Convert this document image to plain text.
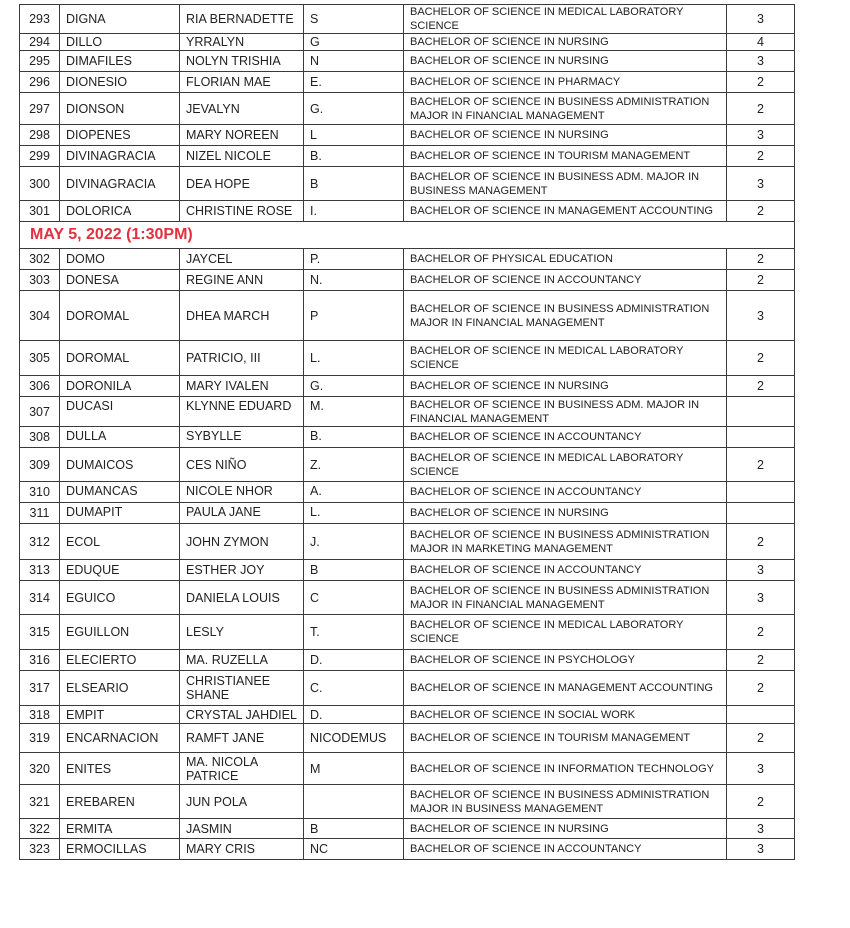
293	DIGNA	RIA BERNADETTE	S	BACHELOR OF SCIENCE IN MEDICAL LABORATORY SCIENCE	3
294	DILLO	YRRALYN	G	BACHELOR OF SCIENCE IN NURSING	4
295	DIMAFILES	NOLYN TRISHIA	N	BACHELOR OF SCIENCE IN NURSING	3
296	DIONESIO	FLORIAN MAE	E.	BACHELOR OF SCIENCE IN PHARMACY	2
297	DIONSON	JEVALYN	G.	BACHELOR OF SCIENCE IN BUSINESS ADMINISTRATION MAJOR IN FINANCIAL MANAGEMENT	2
298	DIOPENES	MARY NOREEN	L	BACHELOR OF SCIENCE IN NURSING	3
299	DIVINAGRACIA	NIZEL NICOLE	B.	BACHELOR OF SCIENCE IN TOURISM MANAGEMENT	2
300	DIVINAGRACIA	DEA HOPE	B	BACHELOR OF SCIENCE IN BUSINESS ADM. MAJOR IN BUSINESS MANAGEMENT	3
301	DOLORICA	CHRISTINE ROSE	I.	BACHELOR OF SCIENCE IN MANAGEMENT ACCOUNTING	2
MAY 5, 2022 (1:30PM)					
302	DOMO	JAYCEL	P.	BACHELOR OF PHYSICAL EDUCATION	2
303	DONESA	REGINE ANN	N.	BACHELOR OF SCIENCE IN ACCOUNTANCY	2
304	DOROMAL	DHEA MARCH	P	BACHELOR OF SCIENCE IN BUSINESS ADMINISTRATION MAJOR IN FINANCIAL MANAGEMENT	3
305	DOROMAL	PATRICIO, III	L.	BACHELOR OF SCIENCE IN MEDICAL LABORATORY SCIENCE	2
306	DORONILA	MARY IVALEN	G.	BACHELOR OF SCIENCE IN NURSING	2
307	DUCASI	KLYNNE EDUARD	M.	BACHELOR OF SCIENCE IN BUSINESS ADM. MAJOR IN FINANCIAL MANAGEMENT	
308	DULLA	SYBYLLE	B.	BACHELOR OF SCIENCE IN ACCOUNTANCY	
309	DUMAICOS	CES NIÑO	Z.	BACHELOR OF SCIENCE IN MEDICAL LABORATORY SCIENCE	2
310	DUMANCAS	NICOLE NHOR	A.	BACHELOR OF SCIENCE IN ACCOUNTANCY	
311	DUMAPIT	PAULA JANE	L.	BACHELOR OF SCIENCE IN NURSING	
312	ECOL	JOHN ZYMON	J.	BACHELOR OF SCIENCE IN BUSINESS ADMINISTRATION MAJOR IN MARKETING MANAGEMENT	2
313	EDUQUE	ESTHER JOY	B	BACHELOR OF SCIENCE IN ACCOUNTANCY	3
314	EGUICO	DANIELA LOUIS	C	BACHELOR OF SCIENCE IN BUSINESS ADMINISTRATION MAJOR IN FINANCIAL MANAGEMENT	3
315	EGUILLON	LESLY	T.	BACHELOR OF SCIENCE IN MEDICAL LABORATORY SCIENCE	2
316	ELECIERTO	MA. RUZELLA	D.	BACHELOR OF SCIENCE IN PSYCHOLOGY	2
317	ELSEARIO	CHRISTIANEE SHANE	C.	BACHELOR OF SCIENCE IN MANAGEMENT ACCOUNTING	2
318	EMPIT	CRYSTAL JAHDIEL	D.	BACHELOR OF SCIENCE IN SOCIAL WORK	
319	ENCARNACION	RAMFT JANE	NICODEMUS	BACHELOR OF SCIENCE IN TOURISM MANAGEMENT	2
320	ENITES	MA. NICOLA PATRICE	M	BACHELOR OF SCIENCE IN INFORMATION TECHNOLOGY	3
321	EREBAREN	JUN POLA		BACHELOR OF SCIENCE IN BUSINESS ADMINISTRATION MAJOR IN BUSINESS MANAGEMENT	2
322	ERMITA	JASMIN	B	BACHELOR OF SCIENCE IN NURSING	3
323	ERMOCILLAS	MARY CRIS	NC	BACHELOR OF SCIENCE IN ACCOUNTANCY	3
